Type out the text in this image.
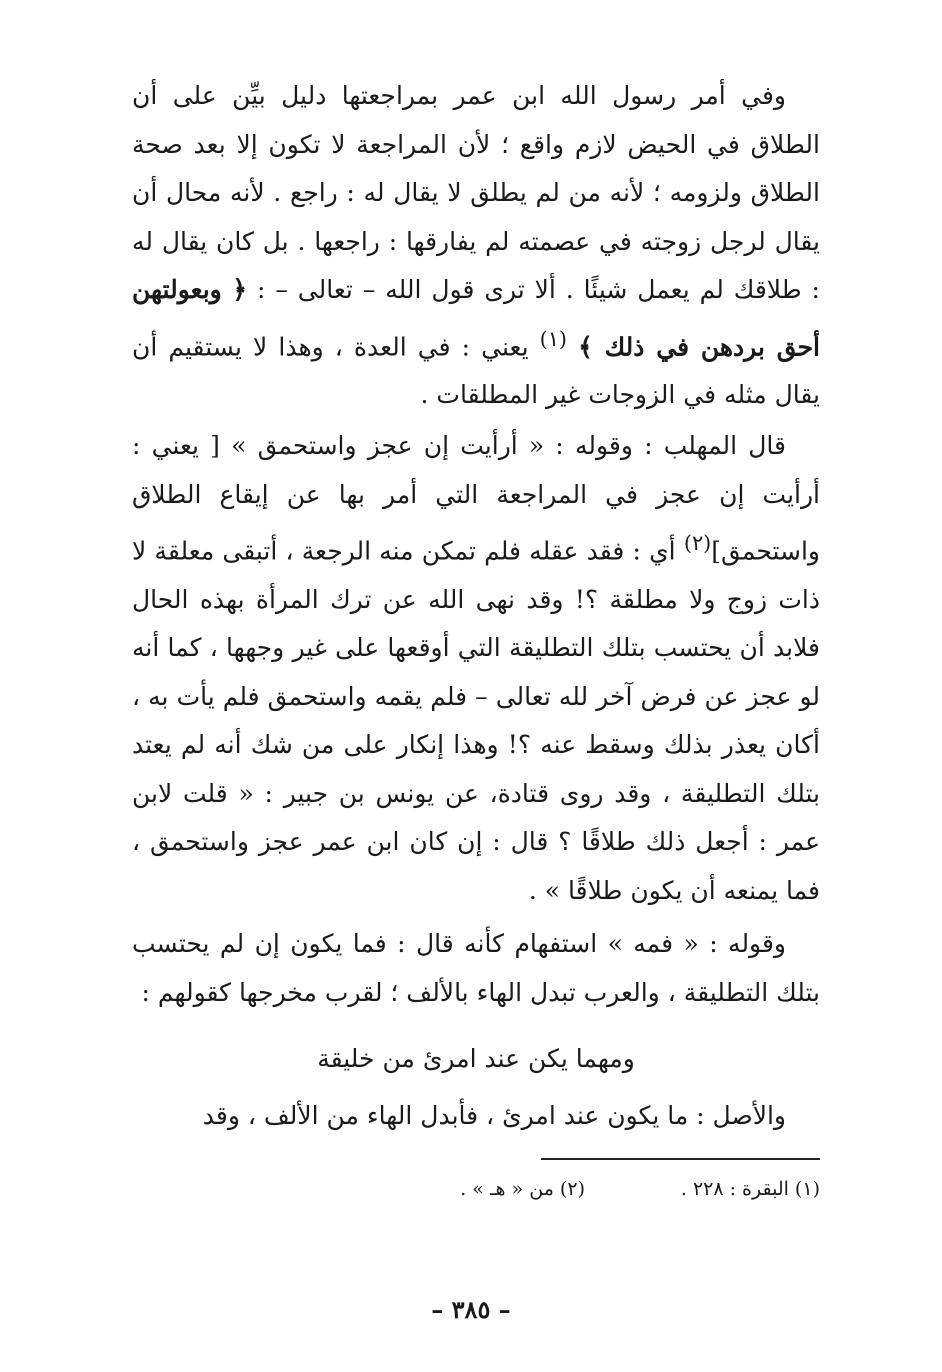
وفي أمر رسول الله ابن عمر بمراجعتها دليل بيِّن على أن الطلاق في الحيض لازم واقع ؛ لأن المراجعة لا تكون إلا بعد صحة الطلاق ولزومه ؛ لأنه من لم يطلق لا يقال له : راجع . لأنه محال أن يقال لرجل زوجته في عصمته لم يفارقها : راجعها . بل كان يقال له : طلاقك لم يعمل شيئًا . ألا ترى قول الله – تعالى – : ﴿ وبعولتهن أحق بردهن في ذلك ﴾ $^{(١)}$ يعني : في العدة ، وهذا لا يستقيم أن يقال مثله في الزوجات غير المطلقات .

قال المهلب : وقوله : « أرأيت إن عجز واستحمق » [ يعني : أرأيت إن عجز في المراجعة التي أمر بها عن إيقاع الطلاق واستحمق]$^{(٢)}$ أي : فقد عقله فلم تمكن منه الرجعة ، أتبقى معلقة لا ذات زوج ولا مطلقة ؟! وقد نهى الله عن ترك المرأة بهذه الحال فلابد أن يحتسب بتلك التطليقة التي أوقعها على غير وجهها ، كما أنه لو عجز عن فرض آخر لله تعالى – فلم يقمه واستحمق فلم يأت به ، أكان يعذر بذلك وسقط عنه ؟! وهذا إنكار على من شك أنه لم يعتد بتلك التطليقة ، وقد روى قتادة، عن يونس بن جبير : « قلت لابن عمر : أجعل ذلك طلاقًا ؟ قال : إن كان ابن عمر عجز واستحمق ، فما يمنعه أن يكون طلاقًا » .

وقوله : « فمه » استفهام كأنه قال : فما يكون إن لم يحتسب بتلك التطليقة ، والعرب تبدل الهاء بالألف ؛ لقرب مخرجها كقولهم :

ومهما يكن عند امرئ من خليقة

والأصل : ما يكون عند امرئ ، فأبدل الهاء من الألف ، وقد

(١) البقرة : ٢٢٨ .
(٢) من « هـ » .
– ٣٨٥ –
